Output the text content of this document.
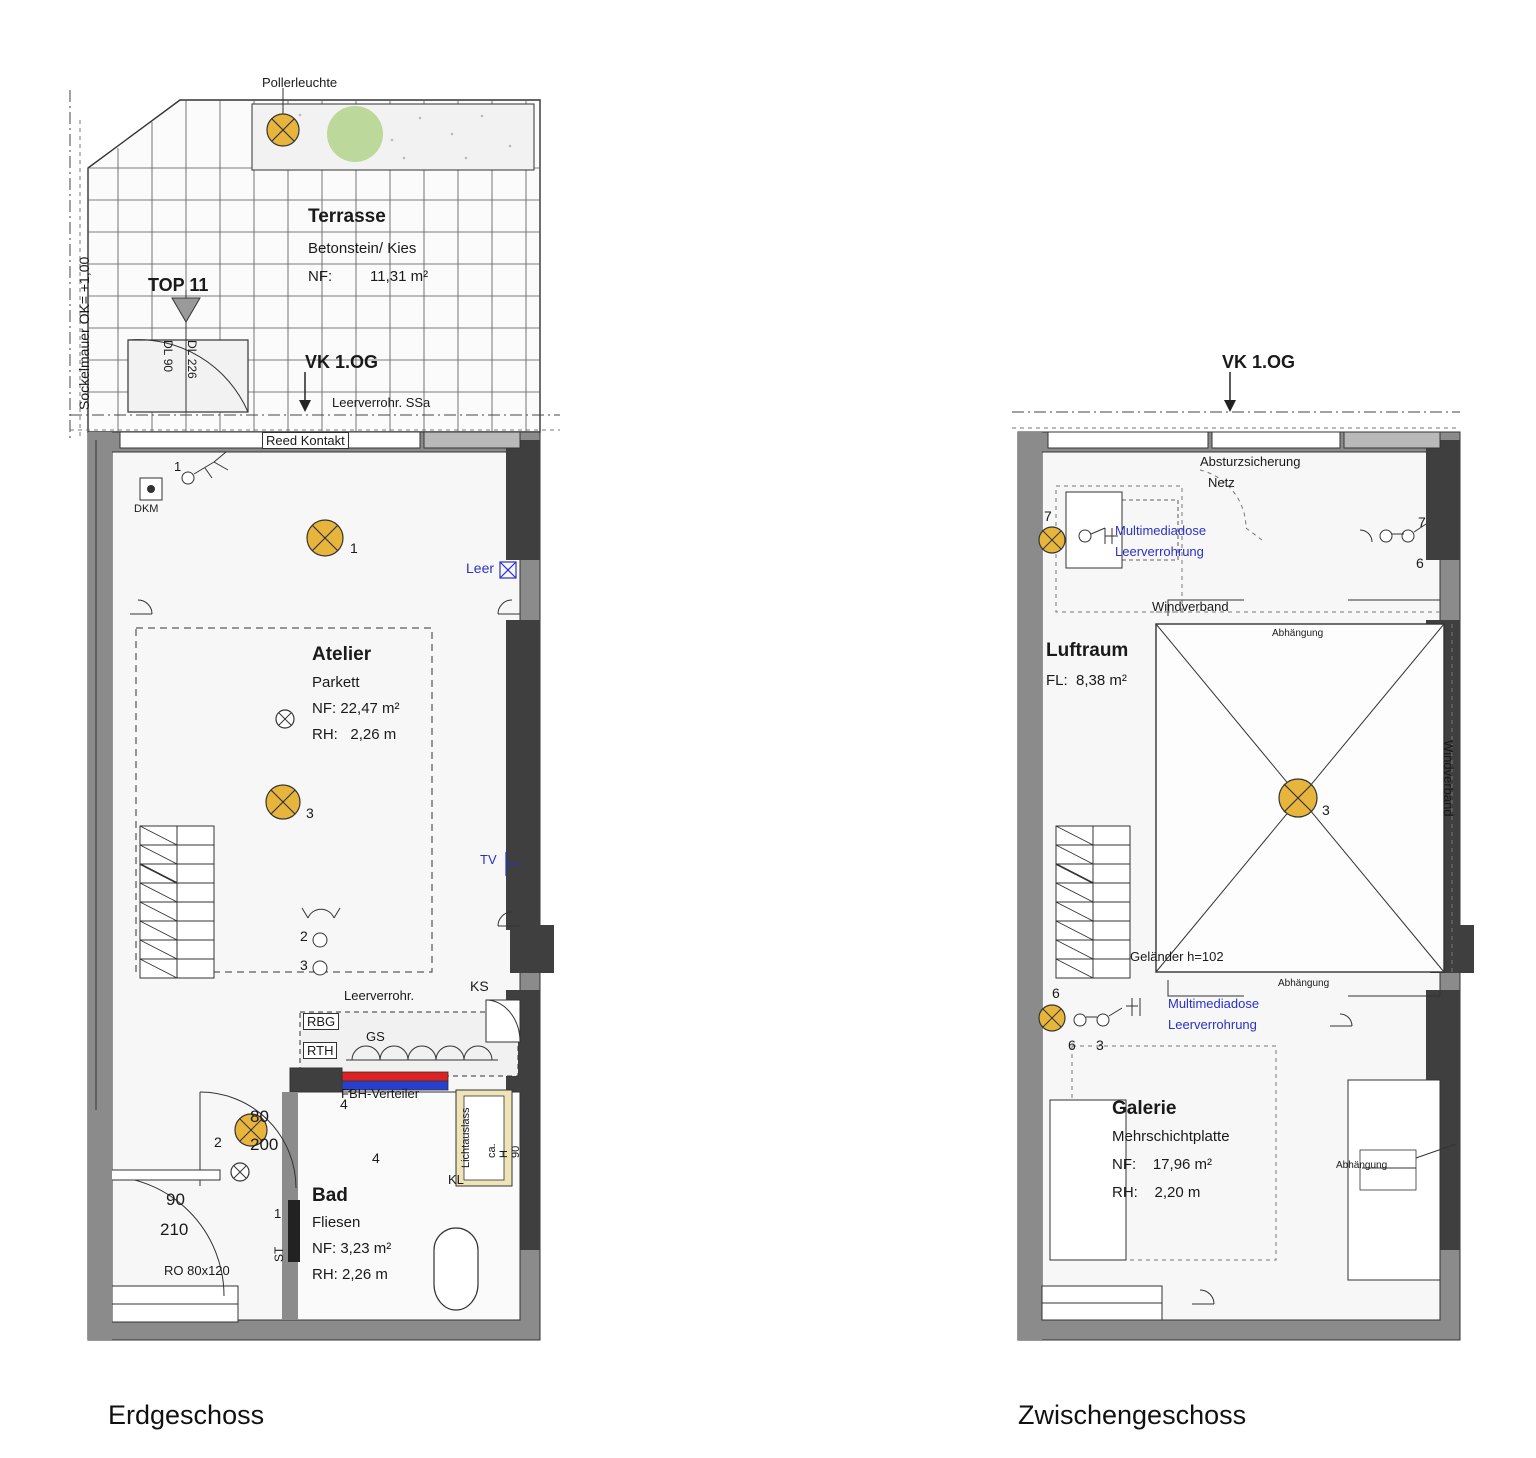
Pollerleuchte
Sockelmauer OK= +1,00
Terrasse
Betonstein/ Kies
NF:	11,31 m²
TOP 11
VK 1.OG
Leerverrohr. SSa
DL 90
DL 226
Reed Kontakt
DKM
1
1
Leer
Atelier
Parkett
NF: 22,47 m²
RH: 2,26 m
3
2
3
TV
KS
Leerverrohr.
RBG
RTH
GS
FBH-Verteiler
KL
Lichtauslass ca. H 90
80
200
2
4
4
Bad
Fliesen
NF: 3,23 m²
RH: 2,26 m
1
ST
90
210
RO 80x120
Erdgeschoss
VK 1.OG
Absturzsicherung
Netz
7	7
6
Multimediadose
Leerverrohrung
Windverband
Windverband
Abhängung
Abhängung
Abhängung
Luftraum
FL: 8,38 m²
3
Geländer h=102
Multimediadose
Leerverrohrung
6
6 3
Galerie
Mehrschichtplatte
NF: 17,96 m²
RH: 2,20 m
Zwischengeschoss
